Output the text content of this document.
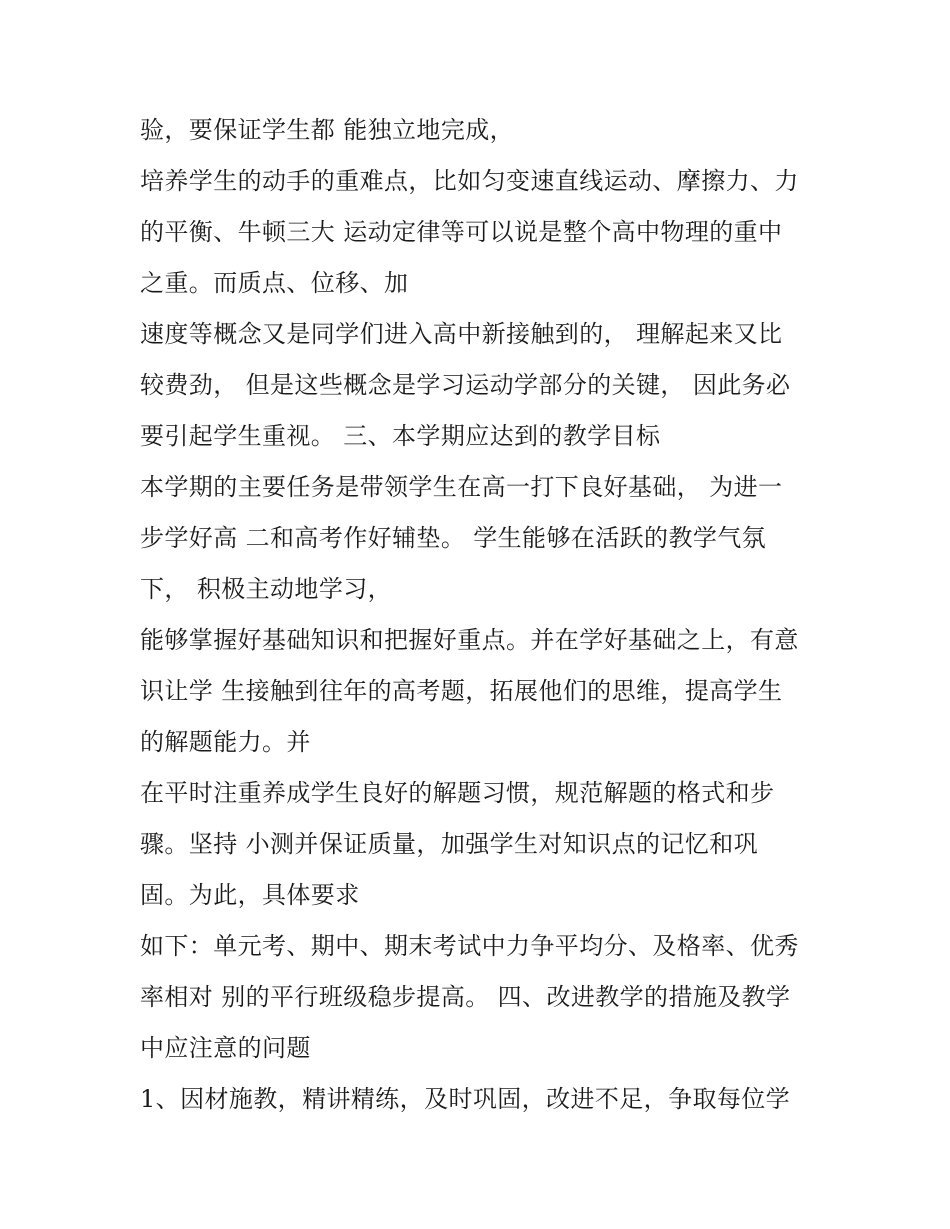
验，要保证学生都 能独立地完成，
培养学生的动手的重难点，比如匀变速直线运动、摩擦力、力
的平衡、牛顿三大 运动定律等可以说是整个高中物理的重中
之重。而质点、位移、加
速度等概念又是同学们进入高中新接触到的， 理解起来又比
较费劲， 但是这些概念是学习运动学部分的关键， 因此务必
要引起学生重视。 三、本学期应达到的教学目标
本学期的主要任务是带领学生在高一打下良好基础， 为进一
步学好高 二和高考作好辅垫。 学生能够在活跃的教学气氛
下， 积极主动地学习，
能够掌握好基础知识和把握好重点。并在学好基础之上，有意
识让学 生接触到往年的高考题，拓展他们的思维，提高学生
的解题能力。并
在平时注重养成学生良好的解题习惯，规范解题的格式和步
骤。坚持 小测并保证质量，加强学生对知识点的记忆和巩
固。为此，具体要求
如下：单元考、期中、期末考试中力争平均分、及格率、优秀
率相对 别的平行班级稳步提高。 四、改进教学的措施及教学
中应注意的问题
1、因材施教，精讲精练，及时巩固，改进不足，争取每位学
